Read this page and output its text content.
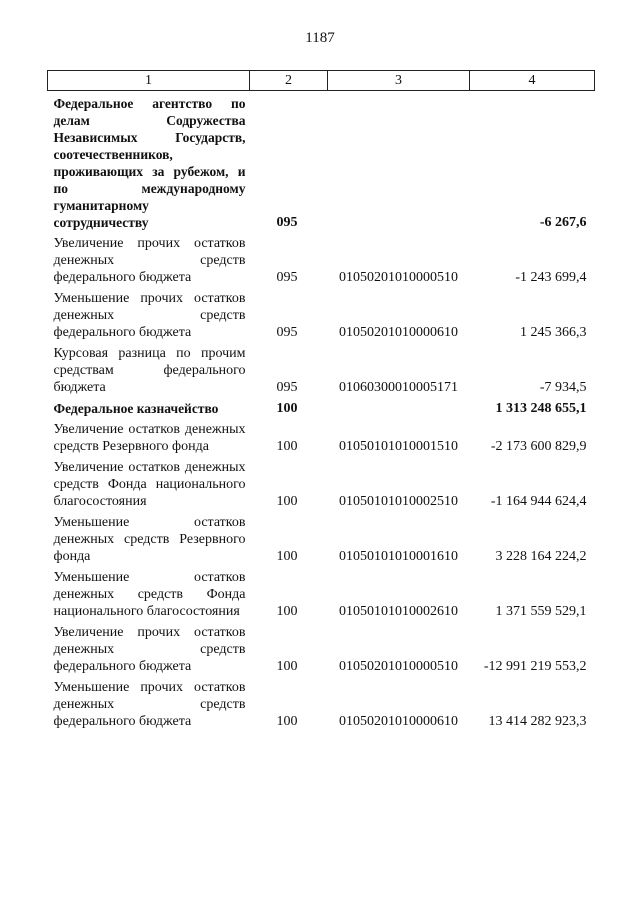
1187
1	2	3	4
Федеральное агентство по делам Содружества Независимых Государств, соотечественников, проживающих за рубежом, и по международному гуманитарному сотрудничеству	095		-6 267,6
Увеличение прочих остатков денежных средств федерального бюджета	095	01050201010000510	-1 243 699,4
Уменьшение прочих остатков денежных средств федерального бюджета	095	01050201010000610	1 245 366,3
Курсовая разница по прочим средствам федерального бюджета	095	01060300010005171	-7 934,5
Федеральное казначейство	100		1 313 248 655,1
Увеличение остатков денежных средств Резервного фонда	100	01050101010001510	-2 173 600 829,9
Увеличение остатков денежных средств Фонда национального благосостояния	100	01050101010002510	-1 164 944 624,4
Уменьшение остатков денежных средств Резервного фонда	100	01050101010001610	3 228 164 224,2
Уменьшение остатков денежных средств Фонда национального благосостояния	100	01050101010002610	1 371 559 529,1
Увеличение прочих остатков денежных средств федерального бюджета	100	01050201010000510	-12 991 219 553,2
Уменьшение прочих остатков денежных средств федерального бюджета	100	01050201010000610	13 414 282 923,3
